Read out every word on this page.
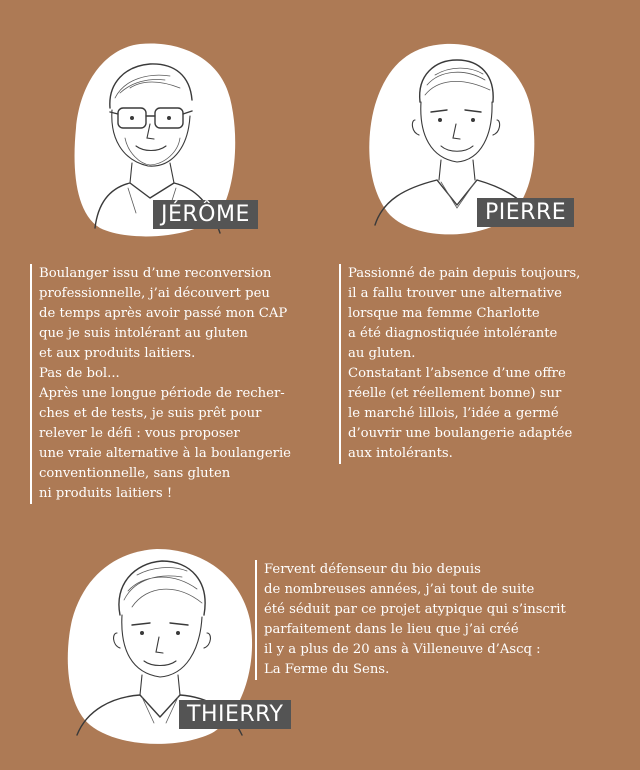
JÉRÔME	PIERRE
THIERRY
Boulanger issu d’une reconversion
professionnelle, j’ai découvert peu
de temps après avoir passé mon CAP
que je suis intolérant au gluten
et aux produits laitiers.
Pas de bol...
Après une longue période de recher-
ches et de tests, je suis prêt pour
relever le défi : vous proposer
une vraie alternative à la boulangerie
conventionnelle, sans gluten
ni produits laitiers !
Passionné de pain depuis toujours,
il a fallu trouver une alternative
lorsque ma femme Charlotte
a été diagnostiquée intolérante
au gluten.
Constatant l’absence d’une offre
réelle (et réellement bonne) sur
le marché lillois, l’idée a germé
d’ouvrir une boulangerie adaptée
aux intolérants.
Fervent défenseur du bio depuis
de nombreuses années, j’ai tout de suite
été séduit par ce projet atypique qui s’inscrit
parfaitement dans le lieu que j’ai créé
il y a plus de 20 ans à Villeneuve d’Ascq :
La Ferme du Sens.
